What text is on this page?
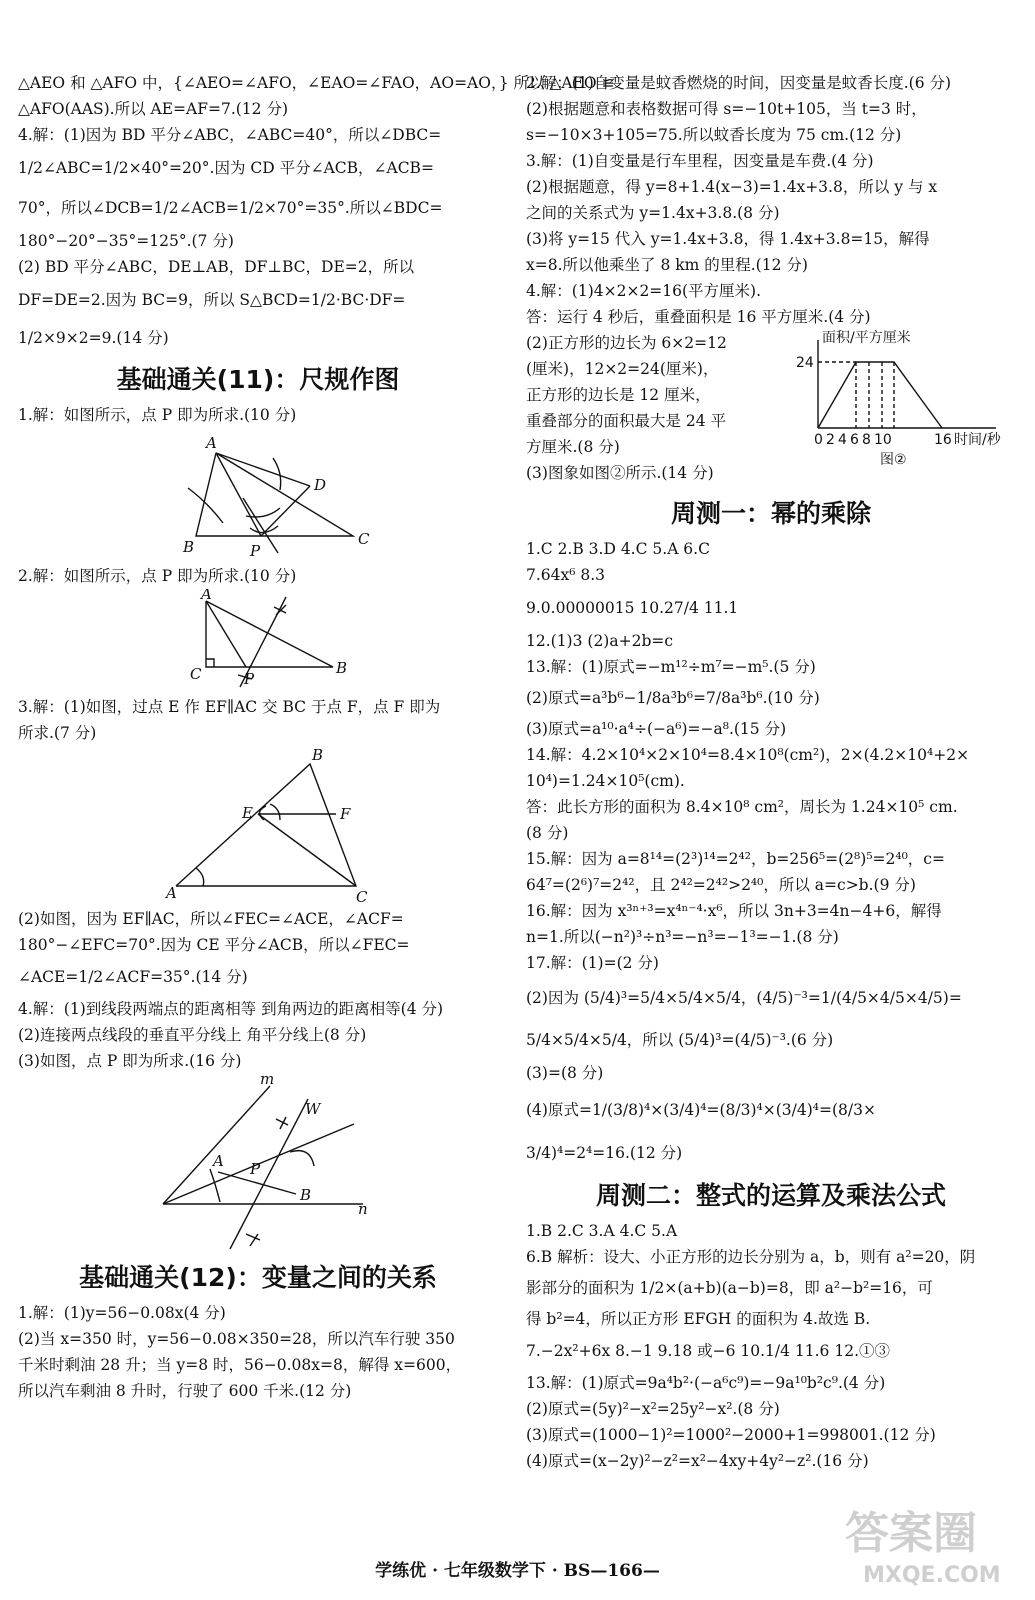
△AEO 和 △AFO 中，{∠AEO=∠AFO，∠EAO=∠FAO，AO=AO，} 所以 △AEO ≌
△AFO(AAS).所以 AE=AF=7.(12 分)
4.解：(1)因为 BD 平分∠ABC，∠ABC=40°，所以∠DBC=
1/2∠ABC=1/2×40°=20°.因为 CD 平分∠ACB，∠ACB=
70°，所以∠DCB=1/2∠ACB=1/2×70°=35°.所以∠BDC=
180°−20°−35°=125°.(7 分)
(2) BD 平分∠ABC，DE⊥AB，DF⊥BC，DE=2，所以
DF=DE=2.因为 BC=9，所以 S△BCD=1/2·BC·DF=
1/2×9×2=9.(14 分)
基础通关(11)：尺规作图
1.解：如图所示，点 P 即为所求.(10 分)
A
D
B	P
C
2.解：如图所示，点 P 即为所求.(10 分)
A
C	P
B
3.解：(1)如图，过点 E 作 EF∥AC 交 BC 于点 F，点 F 即为
所求.(7 分)
B
E	F
A	C
(2)如图，因为 EF∥AC，所以∠FEC=∠ACE，∠ACF=
180°−∠EFC=70°.因为 CE 平分∠ACB，所以∠FEC=
∠ACE=1/2∠ACF=35°.(14 分)
4.解：(1)到线段两端点的距离相等 到角两边的距离相等(4 分)
(2)连接两点线段的垂直平分线上 角平分线上(8 分)
(3)如图，点 P 即为所求.(16 分)
m
W
A P
B
n
基础通关(12)：变量之间的关系
1.解：(1)y=56−0.08x(4 分)
(2)当 x=350 时，y=56−0.08×350=28，所以汽车行驶 350
千米时剩油 28 升；当 y=8 时，56−0.08x=8，解得 x=600，
所以汽车剩油 8 升时，行驶了 600 千米.(12 分)
2.解：(1)自变量是蚊香燃烧的时间，因变量是蚊香长度.(6 分)
(2)根据题意和表格数据可得 s=−10t+105，当 t=3 时，
s=−10×3+105=75.所以蚊香长度为 75 cm.(12 分)
3.解：(1)自变量是行车里程，因变量是车费.(4 分)
(2)根据题意，得 y=8+1.4(x−3)=1.4x+3.8，所以 y 与 x
之间的关系式为 y=1.4x+3.8.(8 分)
(3)将 y=15 代入 y=1.4x+3.8，得 1.4x+3.8=15，解得
x=8.所以他乘坐了 8 km 的里程.(12 分)
4.解：(1)4×2×2=16(平方厘米).
答：运行 4 秒后，重叠面积是 16 平方厘米.(4 分)
(2)正方形的边长为 6×2=12
(厘米)，12×2=24(厘米)，
正方形的边长是 12 厘米，
重叠部分的面积最大是 24 平
方厘米.(8 分)
(3)图象如图②所示.(14 分)
面积/平方厘米
24
0 2 4 6 8 10	16 时间/秒
图②
周测一：幂的乘除
1.C 2.B 3.D 4.C 5.A 6.C
7.64x⁶ 8.3
9.0.00000015 10.27/4 11.1
12.(1)3 (2)a+2b=c
13.解：(1)原式=−m¹²÷m⁷=−m⁵.(5 分)
(2)原式=a³b⁶−1/8a³b⁶=7/8a³b⁶.(10 分)
(3)原式=a¹⁰·a⁴÷(−a⁶)=−a⁸.(15 分)
14.解：4.2×10⁴×2×10⁴=8.4×10⁸(cm²)，2×(4.2×10⁴+2×
10⁴)=1.24×10⁵(cm).
答：此长方形的面积为 8.4×10⁸ cm²，周长为 1.24×10⁵ cm.
(8 分)
15.解：因为 a=8¹⁴=(2³)¹⁴=2⁴²，b=256⁵=(2⁸)⁵=2⁴⁰，c=
64⁷=(2⁶)⁷=2⁴²，且 2⁴²=2⁴²>2⁴⁰，所以 a=c>b.(9 分)
16.解：因为 x³ⁿ⁺³=x⁴ⁿ⁻⁴·x⁶，所以 3n+3=4n−4+6，解得
n=1.所以(−n²)³÷n³=−n³=−1³=−1.(8 分)
17.解：(1)=(2 分)
(2)因为 (5/4)³=5/4×5/4×5/4，(4/5)⁻³=1/(4/5×4/5×4/5)=
5/4×5/4×5/4，所以 (5/4)³=(4/5)⁻³.(6 分)
(3)=(8 分)
(4)原式=1/(3/8)⁴×(3/4)⁴=(8/3)⁴×(3/4)⁴=(8/3×
3/4)⁴=2⁴=16.(12 分)
周测二：整式的运算及乘法公式
1.B 2.C 3.A 4.C 5.A
6.B 解析：设大、小正方形的边长分别为 a，b，则有 a²=20，阴
影部分的面积为 1/2×(a+b)(a−b)=8，即 a²−b²=16，可
得 b²=4，所以正方形 EFGH 的面积为 4.故选 B.
7.−2x²+6x 8.−1 9.18 或−6 10.1/4 11.6 12.①③
13.解：(1)原式=9a⁴b²·(−a⁶c⁹)=−9a¹⁰b²c⁹.(4 分)
(2)原式=(5y)²−x²=25y²−x².(8 分)
(3)原式=(1000−1)²=1000²−2000+1=998001.(12 分)
(4)原式=(x−2y)²−z²=x²−4xy+4y²−z².(16 分)
学练优 · 七年级数学下 · BS—166—
答案圈
MXQE.COM
